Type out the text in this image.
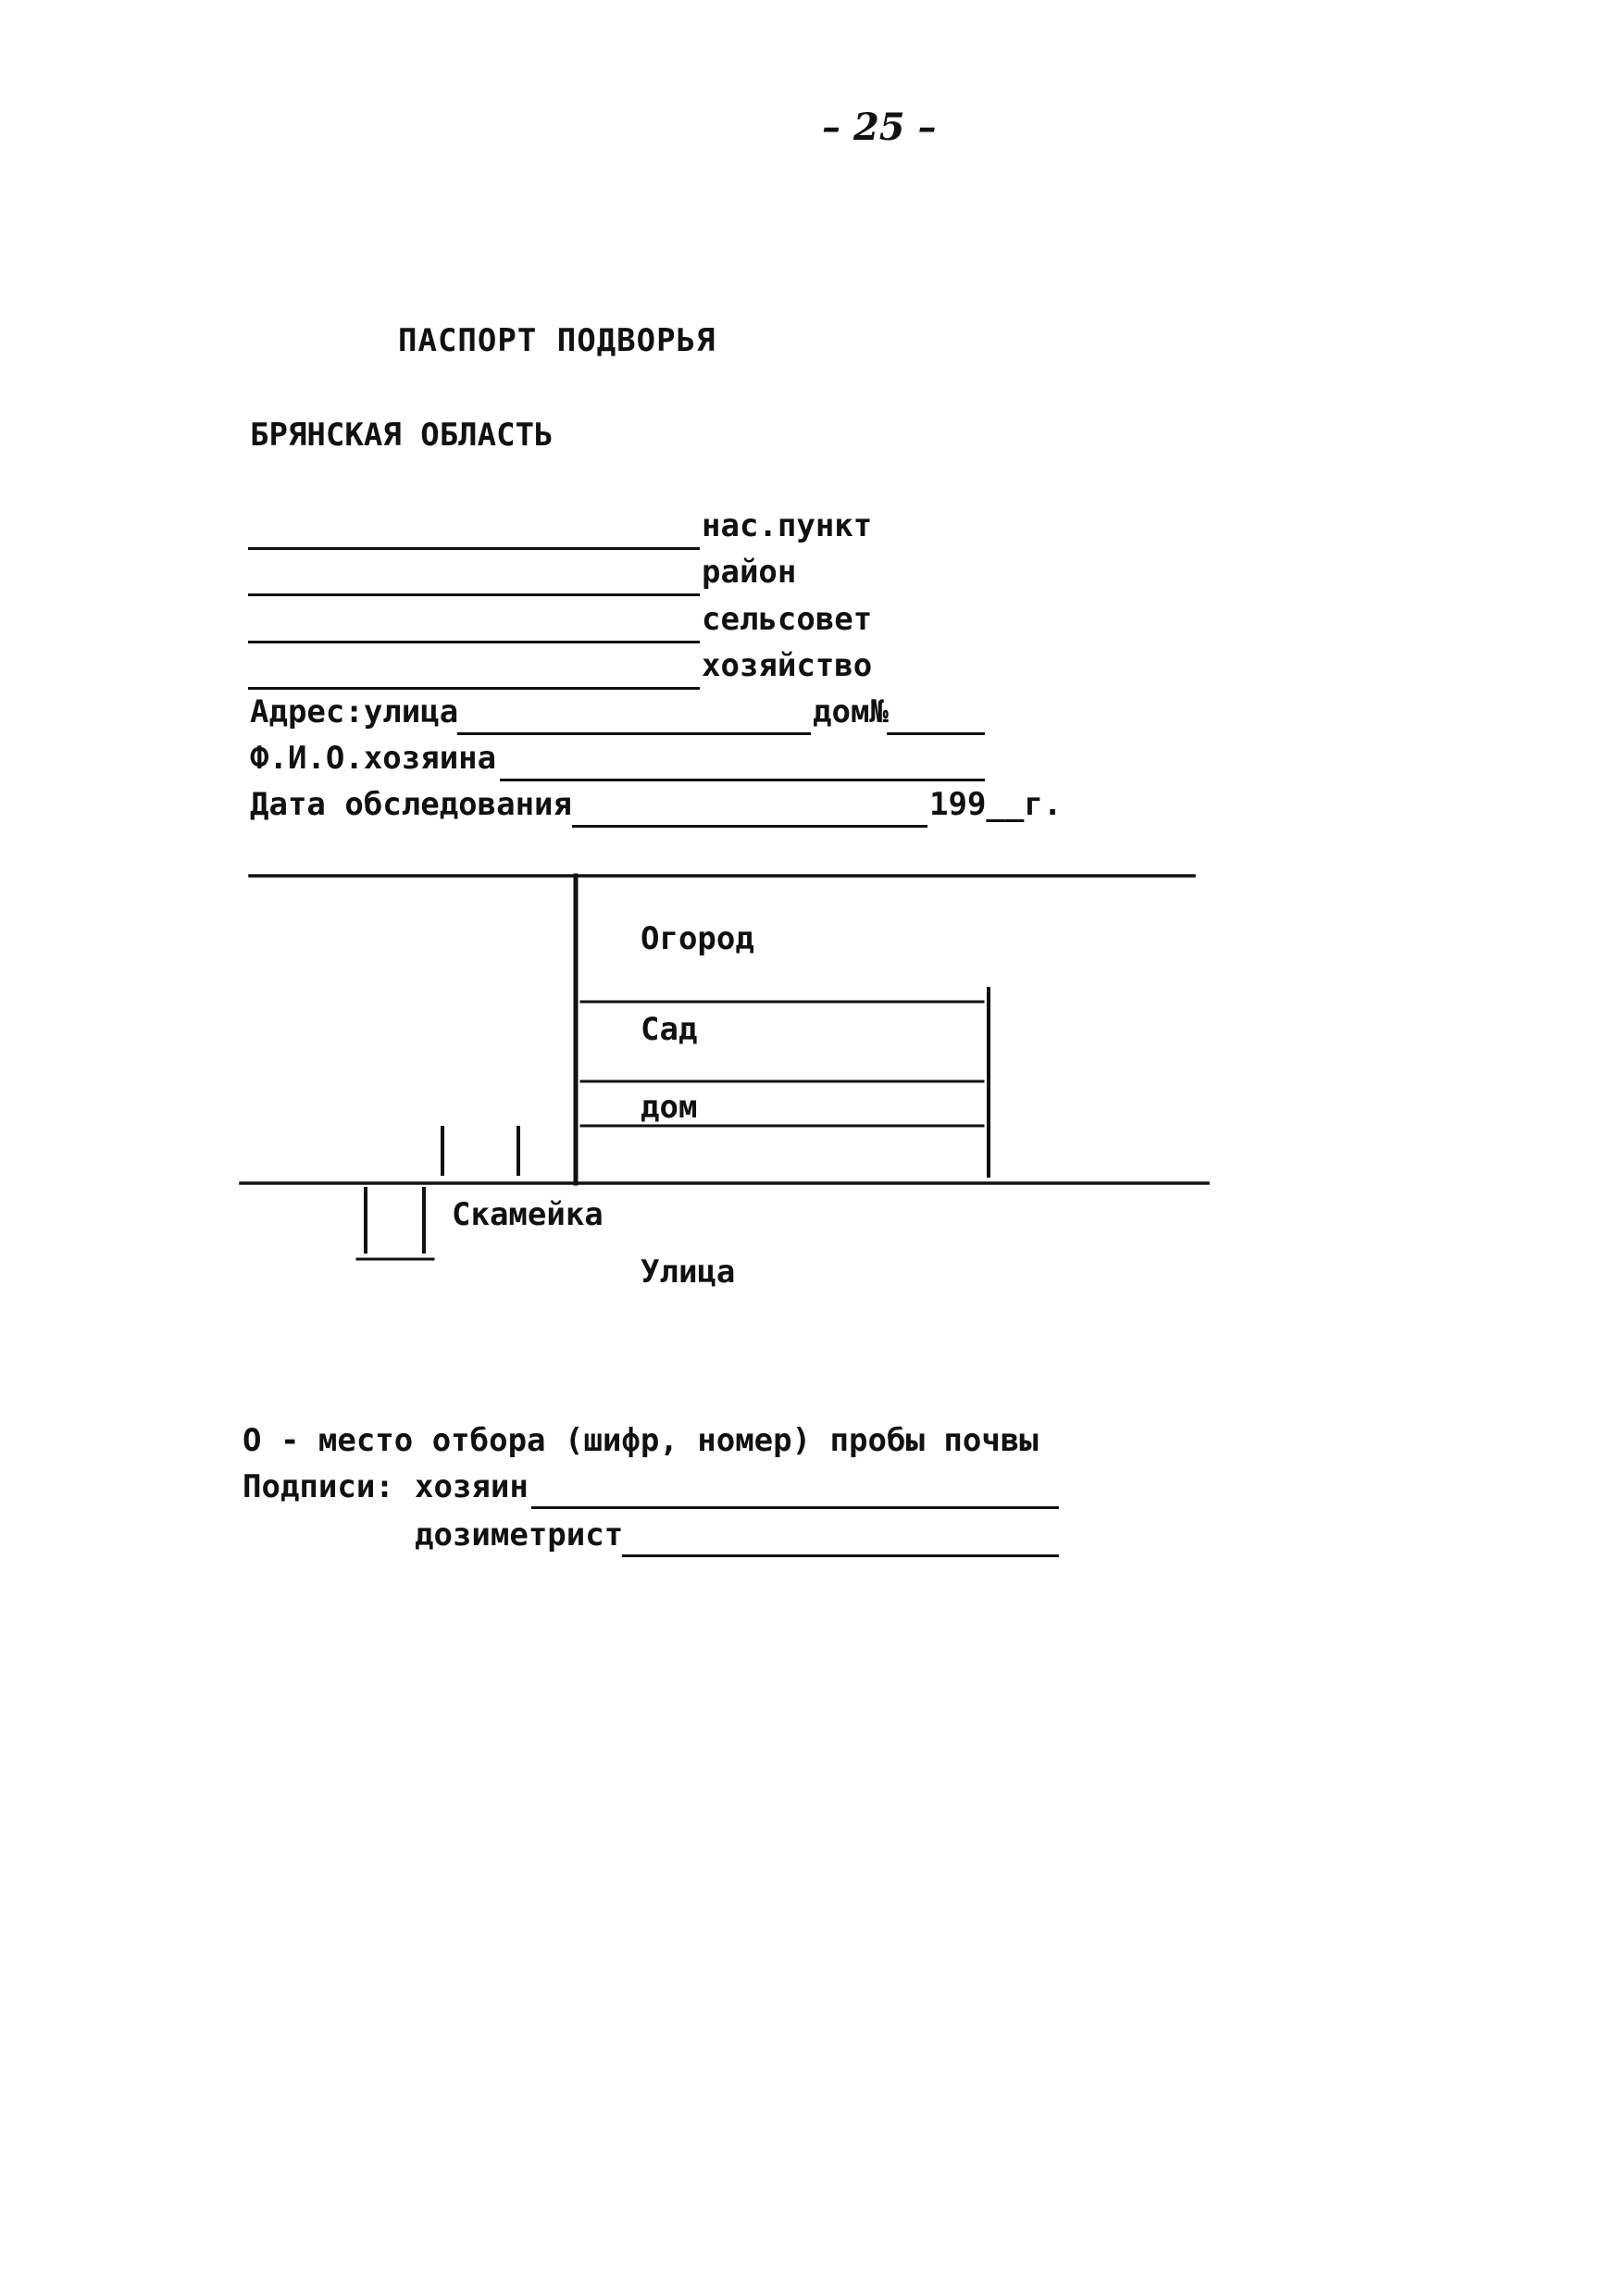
– 25 –
ПАСПОРТ ПОДВОРЬЯ
БРЯНСКАЯ ОБЛАСТЬ
нас.пункт
район
сельсовет
хозяйство
Адрес:улица	дом№
Ф.И.О.хозяина
Дата обследования	199__г.
Огород
Сад
дом
Скамейка
Улица
О - место отбора (шифр, номер) пробы почвы
Подписи: хозяин
дозиметрист
